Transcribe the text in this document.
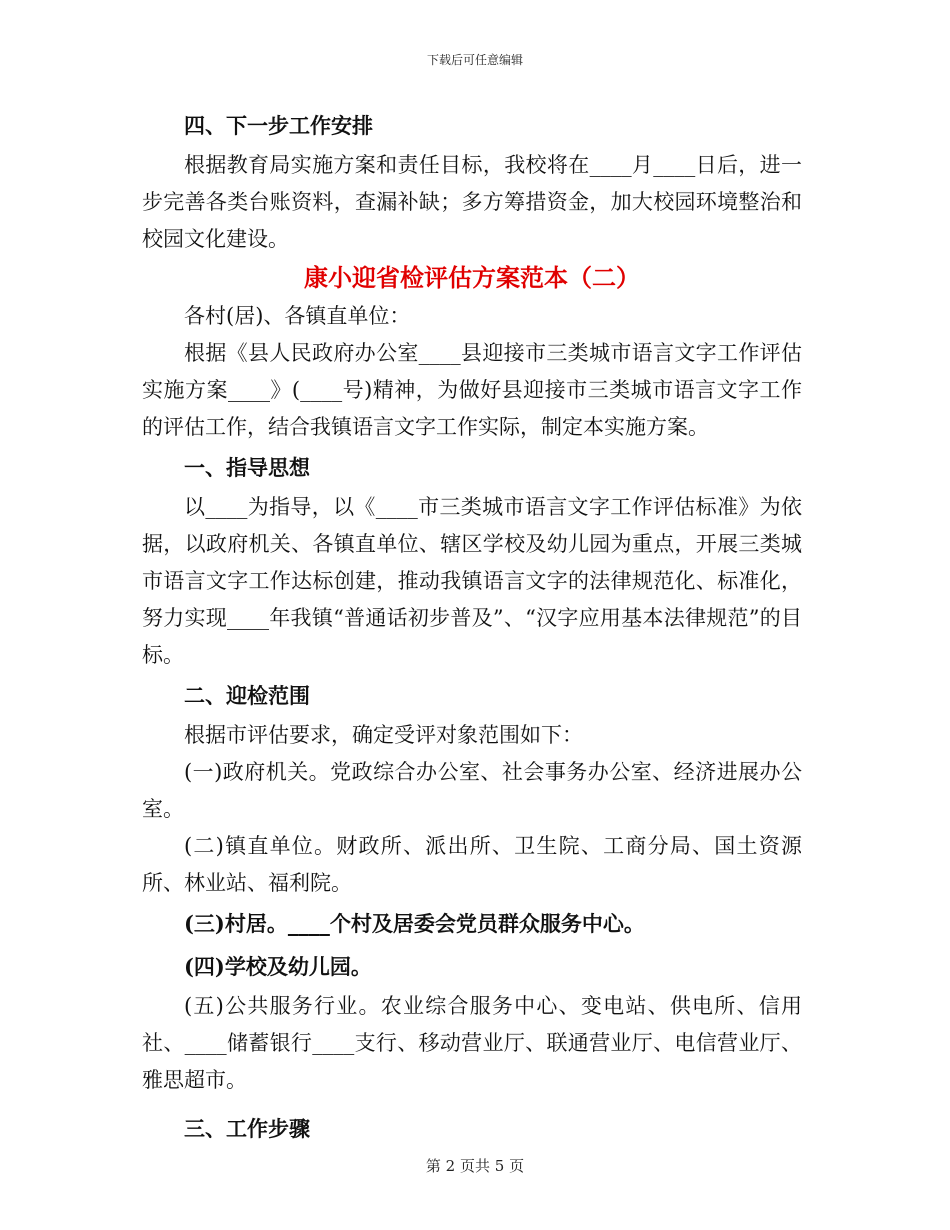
下载后可任意编辑

四、下一步工作安排

根据教育局实施方案和责任目标，我校将在____月____日后，进一步完善各类台账资料，查漏补缺；多方筹措资金，加大校园环境整治和校园文化建设。

康小迎省检评估方案范本（二）

各村(居)、各镇直单位：

根据《县人民政府办公室____县迎接市三类城市语言文字工作评估实施方案____》(____号)精神，为做好县迎接市三类城市语言文字工作的评估工作，结合我镇语言文字工作实际，制定本实施方案。

一、指导思想

以____为指导，以《____市三类城市语言文字工作评估标准》为依据，以政府机关、各镇直单位、辖区学校及幼儿园为重点，开展三类城市语言文字工作达标创建，推动我镇语言文字的法律规范化、标准化，努力实现____年我镇“普通话初步普及”、“汉字应用基本法律规范”的目标。

二、迎检范围

根据市评估要求，确定受评对象范围如下：

(一)政府机关。党政综合办公室、社会事务办公室、经济进展办公室。

(二)镇直单位。财政所、派出所、卫生院、工商分局、国土资源所、林业站、福利院。

(三)村居。____个村及居委会党员群众服务中心。

(四)学校及幼儿园。

(五)公共服务行业。农业综合服务中心、变电站、供电所、信用社、____储蓄银行____支行、移动营业厅、联通营业厅、电信营业厅、雅思超市。

三、工作步骤

第 2 页共 5 页
